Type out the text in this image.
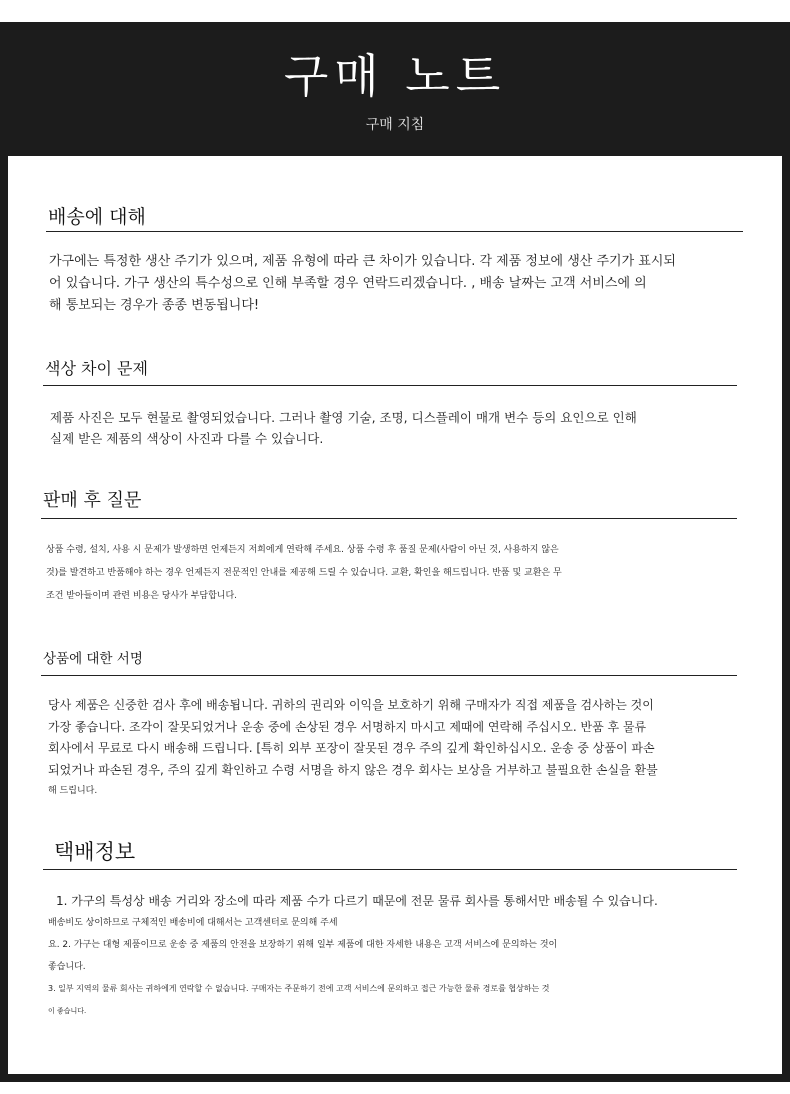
구매 노트
구매 지침
배송에 대해

가구에는 특정한 생산 주기가 있으며, 제품 유형에 따라 큰 차이가 있습니다. 각 제품 정보에 생산 주기가 표시되
어 있습니다. 가구 생산의 특수성으로 인해 부족할 경우 연락드리겠습니다. , 배송 날짜는 고객 서비스에 의
해 통보되는 경우가 종종 변동됩니다!

색상 차이 문제

제품 사진은 모두 현물로 촬영되었습니다. 그러나 촬영 기술, 조명, 디스플레이 매개 변수 등의 요인으로 인해
실제 받은 제품의 색상이 사진과 다를 수 있습니다.

판매 후 질문

상품 수령, 설치, 사용 시 문제가 발생하면 언제든지 저희에게 연락해 주세요. 상품 수령 후 품질 문제(사람이 아닌 것, 사용하지 않은
것)를 발견하고 반품해야 하는 경우 언제든지 전문적인 안내를 제공해 드릴 수 있습니다. 교환, 확인을 해드립니다. 반품 및 교환은 무
조건 받아들이며 관련 비용은 당사가 부담합니다.

상품에 대한 서명

당사 제품은 신중한 검사 후에 배송됩니다. 귀하의 권리와 이익을 보호하기 위해 구매자가 직접 제품을 검사하는 것이
가장 좋습니다. 조각이 잘못되었거나 운송 중에 손상된 경우 서명하지 마시고 제때에 연락해 주십시오. 반품 후 물류
회사에서 무료로 다시 배송해 드립니다. [특히 외부 포장이 잘못된 경우 주의 깊게 확인하십시오. 운송 중 상품이 파손
되었거나 파손된 경우, 주의 깊게 확인하고 수령 서명을 하지 않은 경우 회사는 보상을 거부하고 불필요한 손실을 환불
해 드립니다.

택배정보

1. 가구의 특성상 배송 거리와 장소에 따라 제품 수가 다르기 때문에 전문 물류 회사를 통해서만 배송될 수 있습니다.
배송비도 상이하므로 구체적인 배송비에 대해서는 고객센터로 문의해 주세
요. 2. 가구는 대형 제품이므로 운송 중 제품의 안전을 보장하기 위해 일부 제품에 대한 자세한 내용은 고객 서비스에 문의하는 것이
좋습니다.
3. 일부 지역의 물류 회사는 귀하에게 연락할 수 없습니다. 구매자는 주문하기 전에 고객 서비스에 문의하고 접근 가능한 물류 경로를 협상하는 것
이 좋습니다.
